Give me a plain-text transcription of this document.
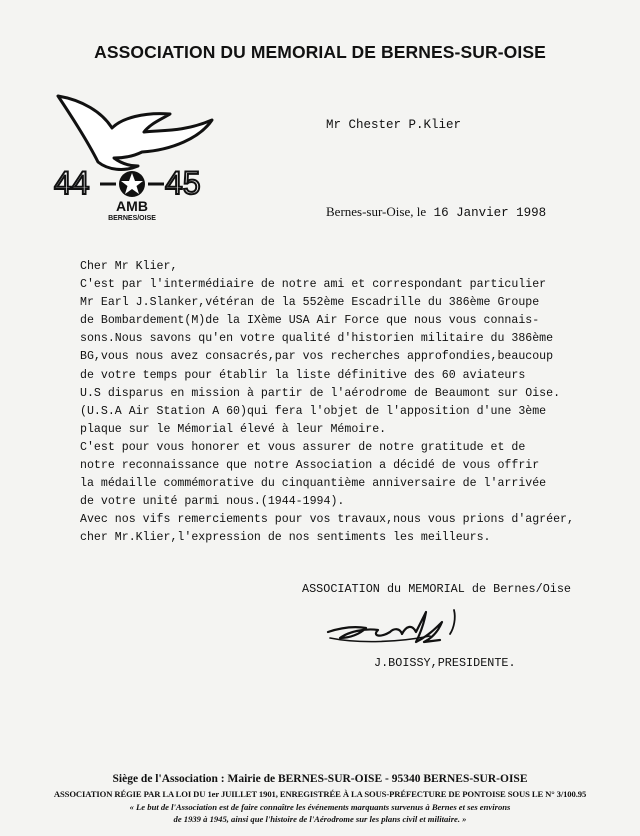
ASSOCIATION DU MEMORIAL DE BERNES-SUR-OISE
44 45
AMB
BERNES/OISE
Mr Chester P.Klier
Bernes-sur-Oise, le 16 Janvier 1998
Cher Mr Klier,
C'est par l'intermédiaire de notre ami et correspondant particulier
Mr Earl J.Slanker,vétéran de la 552ème Escadrille du 386ème Groupe
de Bombardement(M)de la IXème USA Air Force que nous vous connais-
sons.Nous savons qu'en votre qualité d'historien militaire du 386ème
BG,vous nous avez consacrés,par vos recherches approfondies,beaucoup
de votre temps pour établir la liste définitive des 60 aviateurs
U.S disparus en mission à partir de l'aérodrome de Beaumont sur Oise.
(U.S.A Air Station A 60)qui fera l'objet de l'apposition d'une 3ème
plaque sur le Mémorial élevé à leur Mémoire.
C'est pour vous honorer et vous assurer de notre gratitude et de
notre reconnaissance que notre Association a décidé de vous offrir
la médaille commémorative du cinquantième anniversaire de l'arrivée
de votre unité parmi nous.(1944-1994).
Avec nos vifs remerciements pour vos travaux,nous vous prions d'agréer,
cher Mr.Klier,l'expression de nos sentiments les meilleurs.
ASSOCIATION du MEMORIAL de Bernes/Oise
J.BOISSY,PRESIDENTE.
Siège de l'Association : Mairie de BERNES-SUR-OISE - 95340 BERNES-SUR-OISE
ASSOCIATION RÉGIE PAR LA LOI DU 1er JUILLET 1901, ENREGISTRÉE À LA SOUS-PRÉFECTURE DE PONTOISE SOUS LE N° 3/100.95
« Le but de l'Association est de faire connaître les événements marquants survenus à Bernes et ses environs
de 1939 à 1945, ainsi que l'histoire de l'Aérodrome sur les plans civil et militaire. »
